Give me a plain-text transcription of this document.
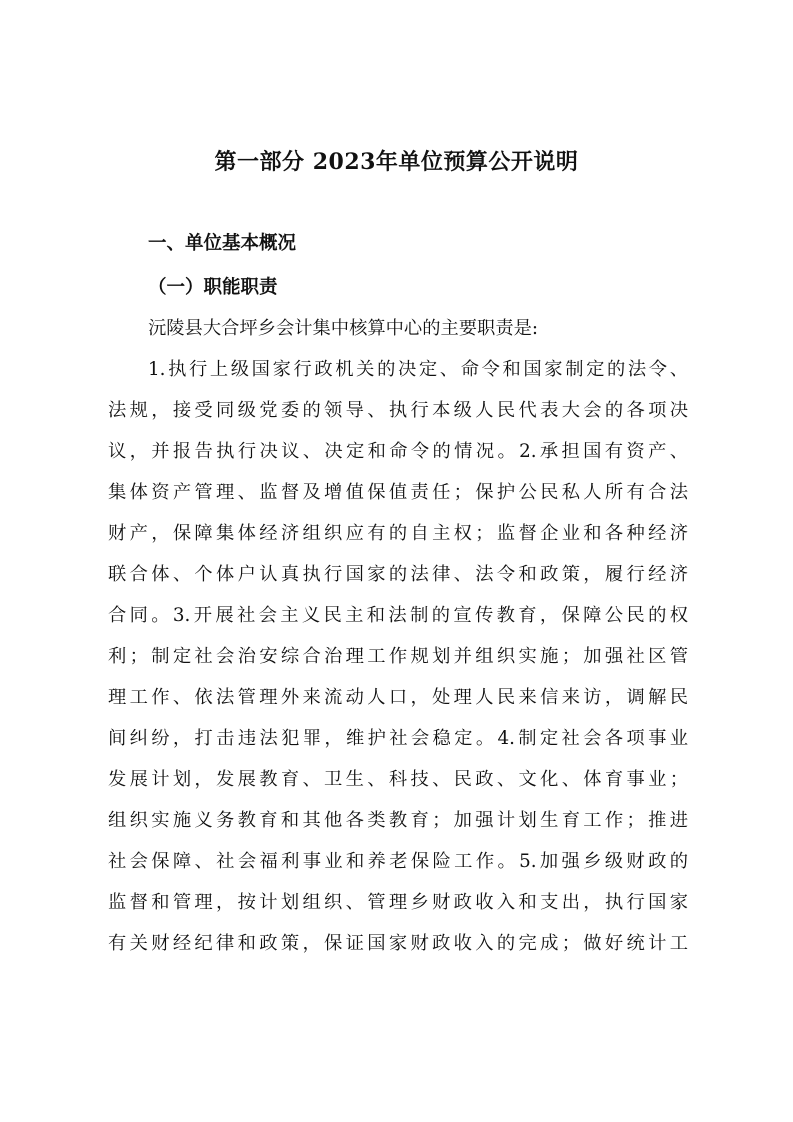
第一部分 2023年单位预算公开说明
一、单位基本概况
（一）职能职责
沅陵县大合坪乡会计集中核算中心的主要职责是:
1.执行上级国家行政机关的决定、命令和国家制定的法令、
法规，接受同级党委的领导、执行本级人民代表大会的各项决
议，并报告执行决议、决定和命令的情况。2.承担国有资产、
集体资产管理、监督及增值保值责任；保护公民私人所有合法
财产，保障集体经济组织应有的自主权；监督企业和各种经济
联合体、个体户认真执行国家的法律、法令和政策，履行经济
合同。3.开展社会主义民主和法制的宣传教育，保障公民的权
利；制定社会治安综合治理工作规划并组织实施；加强社区管
理工作、依法管理外来流动人口，处理人民来信来访，调解民
间纠纷，打击违法犯罪，维护社会稳定。4.制定社会各项事业
发展计划，发展教育、卫生、科技、民政、文化、体育事业；
组织实施义务教育和其他各类教育；加强计划生育工作；推进
社会保障、社会福利事业和养老保险工作。5.加强乡级财政的
监督和管理，按计划组织、管理乡财政收入和支出，执行国家
有关财经纪律和政策，保证国家财政收入的完成；做好统计工
